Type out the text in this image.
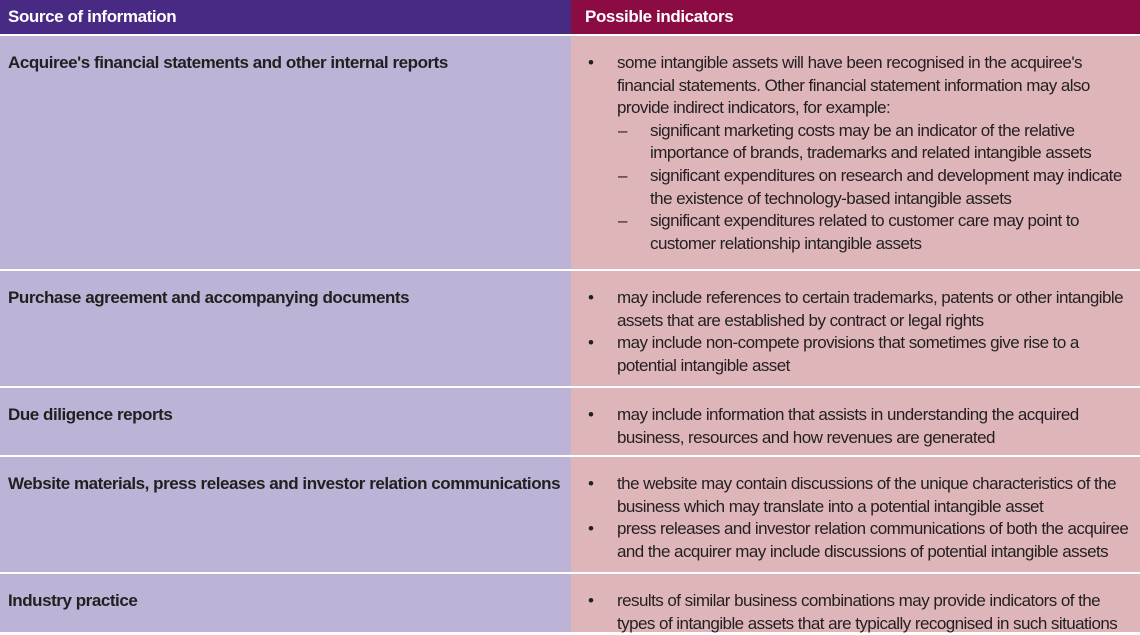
Source of information	Possible indicators
Acquiree's financial statements and other internal reports	• some intangible assets will have been recognised in the acquiree's financial statements. Other financial statement information may also provide indirect indicators, for example:
– significant marketing costs may be an indicator of the relative importance of brands, trademarks and related intangible assets
– significant expenditures on research and development may indicate the existence of technology-based intangible assets
– significant expenditures related to customer care may point to customer relationship intangible assets
Purchase agreement and accompanying documents	• may include references to certain trademarks, patents or other intangible assets that are established by contract or legal rights
• may include non-compete provisions that sometimes give rise to a potential intangible asset
Due diligence reports	• may include information that assists in understanding the acquired business, resources and how revenues are generated
Website materials, press releases and investor relation communications	• the website may contain discussions of the unique characteristics of the business which may translate into a potential intangible asset
• press releases and investor relation communications of both the acquiree and the acquirer may include discussions of potential intangible assets
Industry practice	• results of similar business combinations may provide indicators of the types of intangible assets that are typically recognised in such situations
